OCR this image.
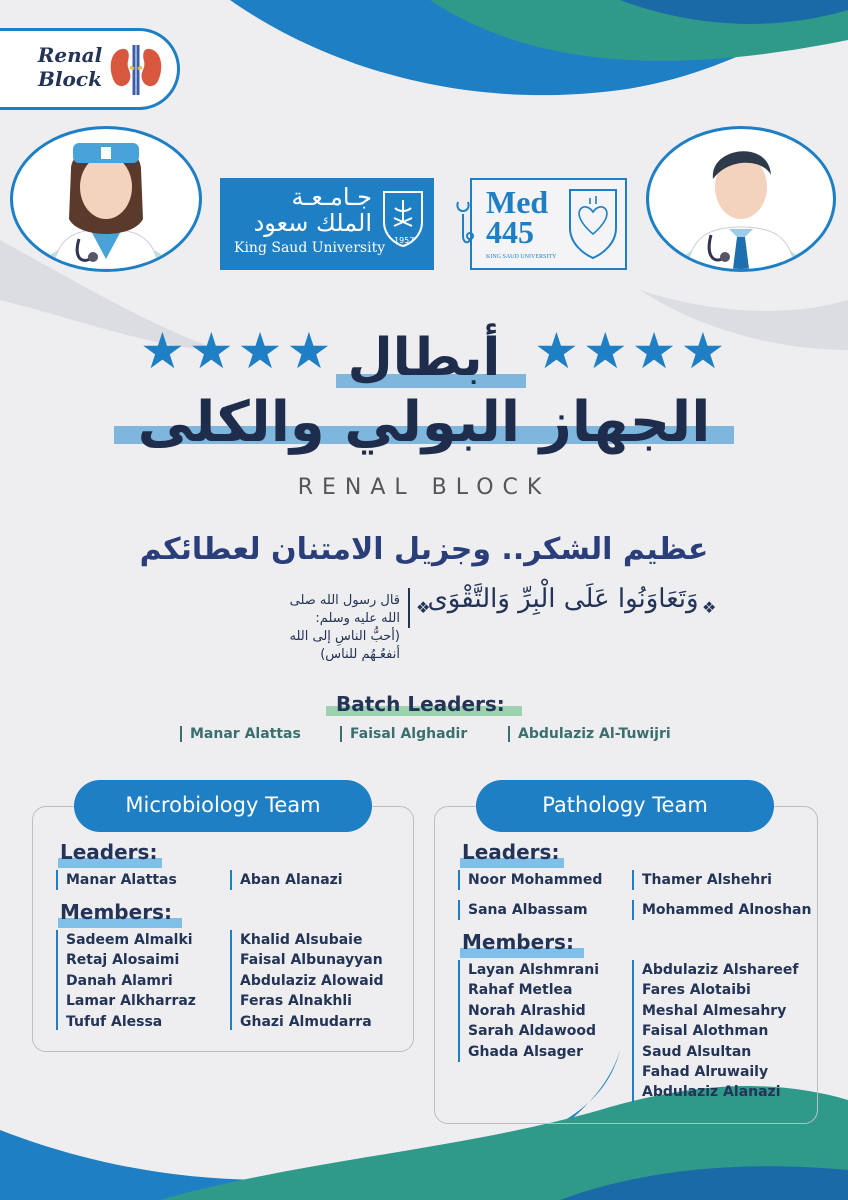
Renal
Block
جـامـعـة
الملك سعود
King Saud University 1957
Med
445
KING SAUD UNIVERSITY
★★★★	★★★★
أبطال
الجهاز البولي والكلى
RENAL BLOCK
عظيم الشكر.. وجزيل الامتنان لعطائكم
وَتَعَاوَنُوا عَلَى الْبِرِّ وَالتَّقْوَى ❖
❖
قال رسول الله صلى الله عليه وسلم:
(أحبُّ الناسِ إلى الله أنفعُـهُم للناس)
Batch Leaders:
Manar Alattas	Faisal Alghadir	Abdulaziz Al-Tuwijri
Microbiology Team
Leaders:
Manar Alattas	Aban Alanazi
Members:
Sadeem Almalki
Retaj Alosaimi
Danah Alamri
Lamar Alkharraz
Tufuf Alessa
Khalid Alsubaie
Faisal Albunayyan
Abdulaziz Alowaid
Feras Alnakhli
Ghazi Almudarra
Pathology Team
Leaders:
Noor Mohammed	Thamer Alshehri
Sana Albassam	Mohammed Alnoshan
Members:
Layan Alshmrani
Rahaf Metlea
Norah Alrashid
Sarah Aldawood
Ghada Alsager
Abdulaziz Alshareef
Fares Alotaibi
Meshal Almesahry
Faisal Alothman
Saud Alsultan
Fahad Alruwaily
Abdulaziz Alanazi
